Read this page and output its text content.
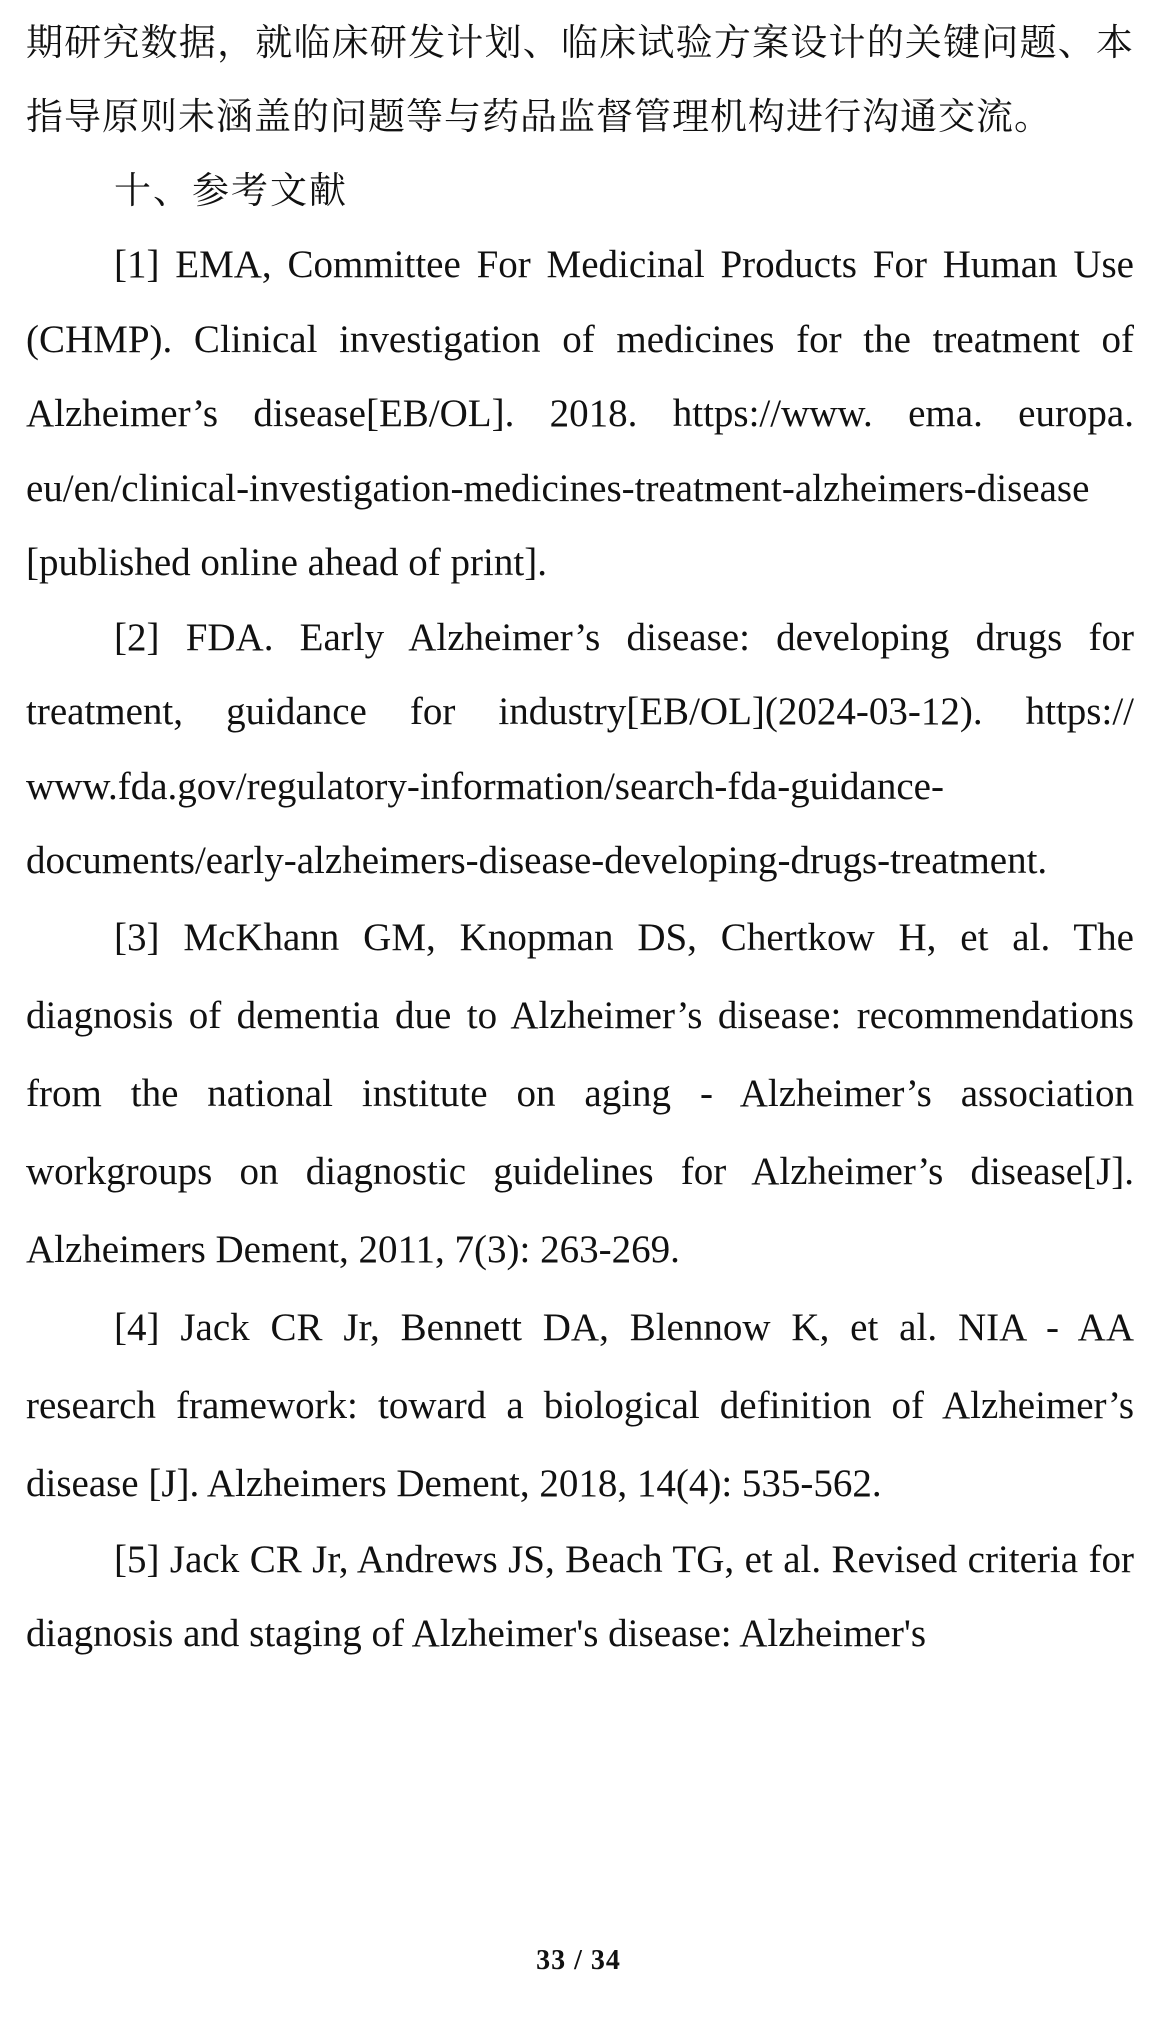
期研究数据，就临床研发计划、临床试验方案设计的关键问题、本指导原则未涵盖的问题等与药品监督管理机构进行沟通交流。

十、参考文献

[1] EMA, Committee For Medicinal Products For Human Use (CHMP). Clinical investigation of medicines for the treatment of Alzheimer’s disease[EB/OL]. 2018. https://www. ema. europa. eu/en/clinical-investigation-medicines-treatment-alzheimers-disease [published online ahead of print].

[2] FDA. Early Alzheimer’s disease: developing drugs for treatment, guidance for industry[EB/OL](2024-03-12). https:// www.fda.gov/regulatory-information/search-fda-guidance-documents/early-alzheimers-disease-developing-drugs-treatment.

[3] McKhann GM, Knopman DS, Chertkow H, et al. The diagnosis of dementia due to Alzheimer’s disease: recommendations from the national institute on aging - Alzheimer’s association workgroups on diagnostic guidelines for Alzheimer’s disease[J]. Alzheimers Dement, 2011, 7(3): 263-269.

[4] Jack CR Jr, Bennett DA, Blennow K, et al. NIA - AA research framework: toward a biological definition of Alzheimer’s disease [J]. Alzheimers Dement, 2018, 14(4): 535-562.

[5] Jack CR Jr, Andrews JS, Beach TG, et al. Revised criteria for diagnosis and staging of Alzheimer's disease: Alzheimer's

33 / 34
